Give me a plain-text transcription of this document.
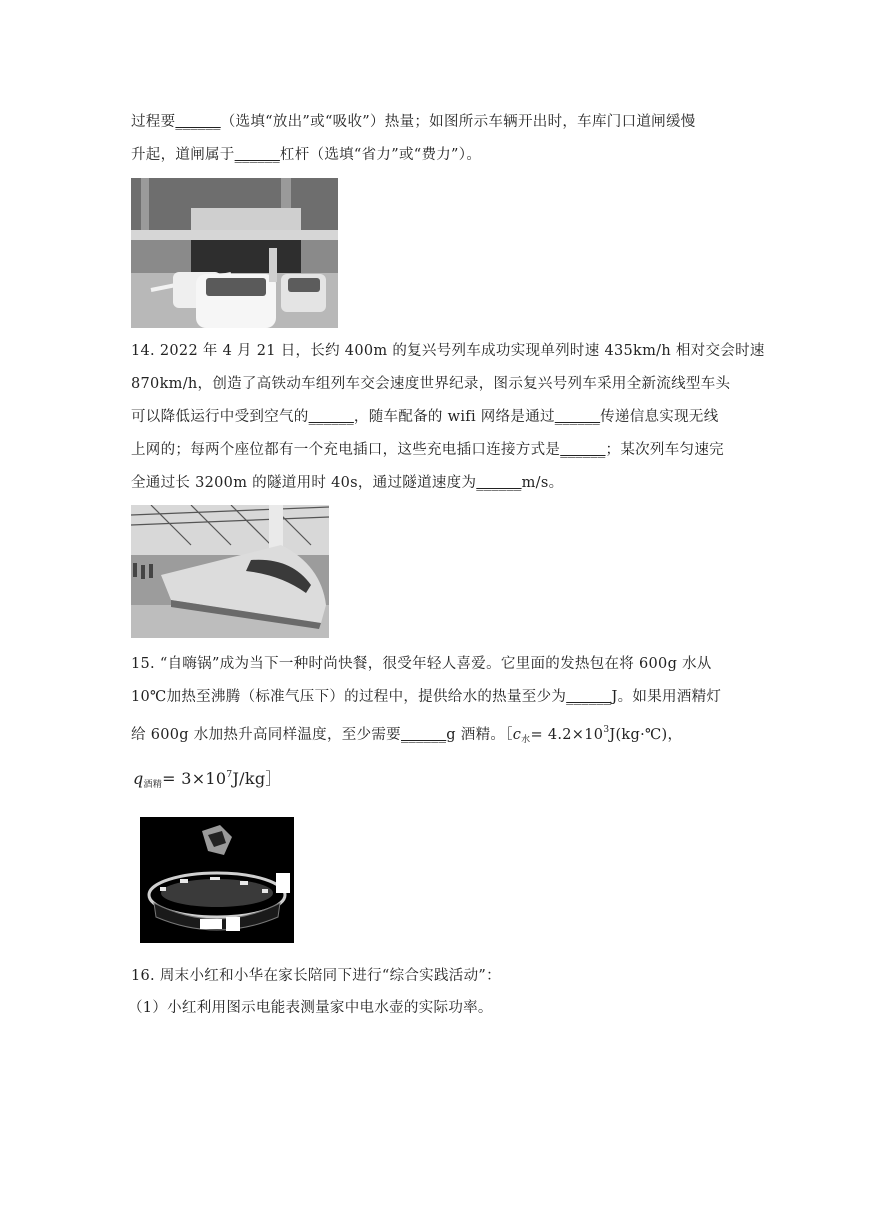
过程要______（选填“放出”或“吸收”）热量；如图所示车辆开出时，车库门口道闸缓慢
升起，道闸属于______杠杆（选填“省力”或“费力”）。
14. 2022 年 4 月 21 日，长约 400m 的复兴号列车成功实现单列时速 435km/h 相对交会时速
870km/h，创造了高铁动车组列车交会速度世界纪录，图示复兴号列车采用全新流线型车头
可以降低运行中受到空气的______，随车配备的 wifi 网络是通过______传递信息实现无线
上网的；每两个座位都有一个充电插口，这些充电插口连接方式是______；某次列车匀速完
全通过长 3200m 的隧道用时 40s，通过隧道速度为______m/s。
15. “自嗨锅”成为当下一种时尚快餐，很受年轻人喜爱。它里面的发热包在将 600g 水从
10℃加热至沸腾（标准气压下）的过程中，提供给水的热量至少为______J。如果用酒精灯
给 600g 水加热升高同样温度，至少需要______g 酒精。$[c_水=$ $4.2\times 10^3J(kg\cdot℃)$，
$q_{酒精}=$ $3\times 10^7J/kg]$
16. 周末小红和小华在家长陪同下进行“综合实践活动”：
（1）小红利用图示电能表测量家中电水壶的实际功率。
